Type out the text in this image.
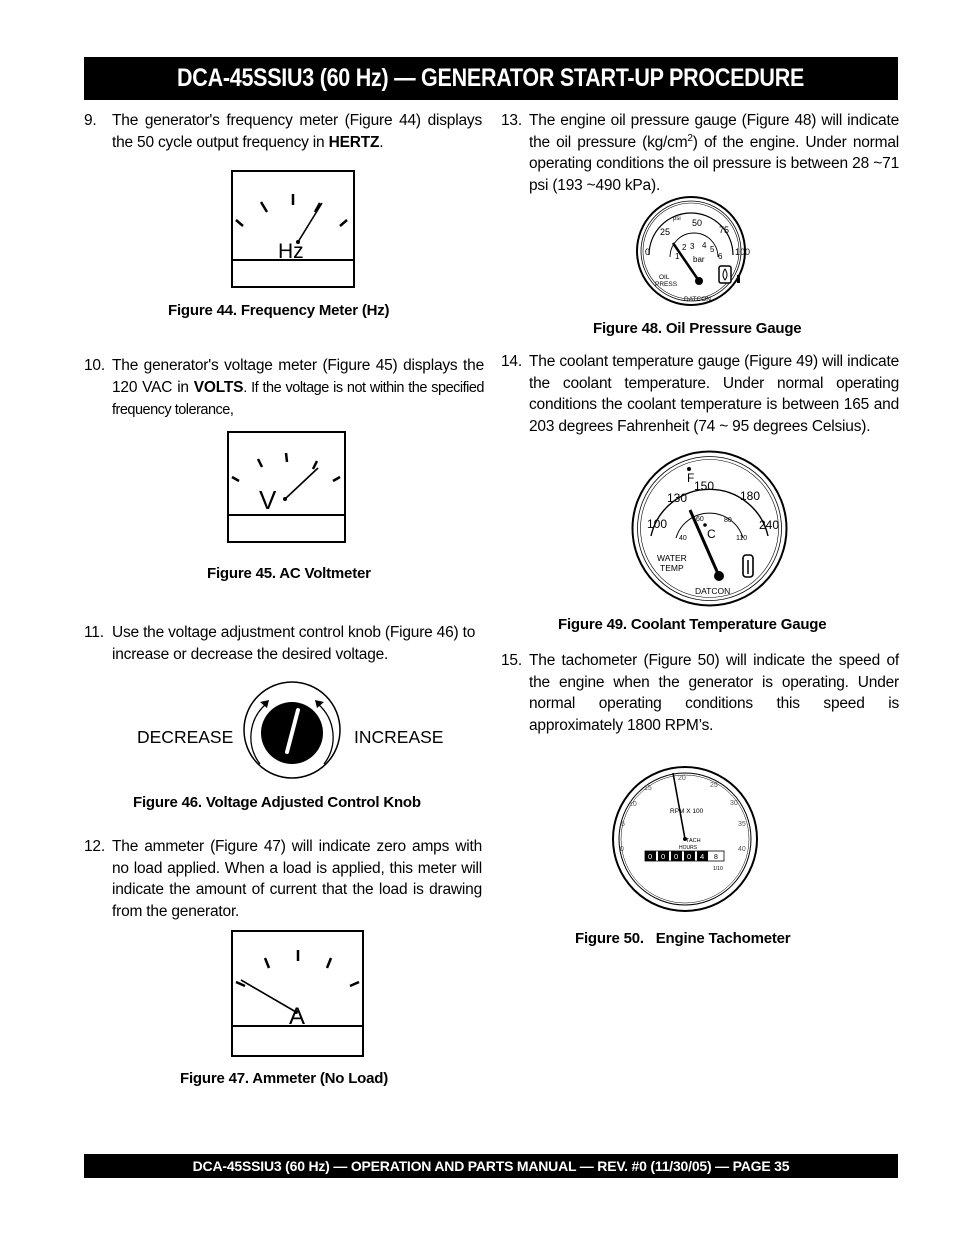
DCA-45SSIU3 (60 Hz) — GENERATOR START-UP PROCEDURE
9. The generator's frequency meter (Figure 44) displays the 50 cycle output frequency in HERTZ.
Hz
Figure 44. Frequency Meter (Hz)
10. The generator's voltage meter (Figure 45) displays the 120 VAC in VOLTS. If the voltage is not within the specified frequency tolerance,
V
Figure 45. AC Voltmeter
11. Use the voltage adjustment control knob (Figure 46) to increase or decrease the desired voltage.
DECREASE	INCREASE
Figure 46. Voltage Adjusted Control Knob
12. The ammeter (Figure 47) will indicate zero amps with no load applied. When a load is applied, this meter will indicate the amount of current that the load is drawing from the generator.
A
Figure 47. Ammeter (No Load)
13. The engine oil pressure gauge (Figure 48) will indicate the oil pressure $(kg/cm^2)$ of the engine. Under normal operating conditions the oil pressure is between 28 ~71 psi (193 ~490 kPa).
psi
0
25
50
75
100
1
2 3 4 5
6
bar
OIL
PRESS
DATCON
Figure 48. Oil Pressure Gauge
14. The coolant temperature gauge (Figure 49) will indicate the coolant temperature. Under normal operating conditions the coolant temperature is between 165 and 203 degrees Fahrenheit (74 ~ 95 degrees Celsius).
F
100
130
150
180
240
40
60	80
110
C
WATER
TEMP
DATCON
Figure 49. Coolant Temperature Gauge
15. The tachometer (Figure 50) will indicate the speed of the engine when the generator is operating. Under normal operating conditions this speed is approximately 1800 RPM’s.
0
5
10
15
20
25
30
35
40
RPM X 100
TACH
HOURS
0 0 0 0 4 8
1/10
Figure 50.   Engine Tachometer
DCA-45SSIU3 (60 Hz) — OPERATION AND PARTS MANUAL — REV. #0 (11/30/05) — PAGE 35
